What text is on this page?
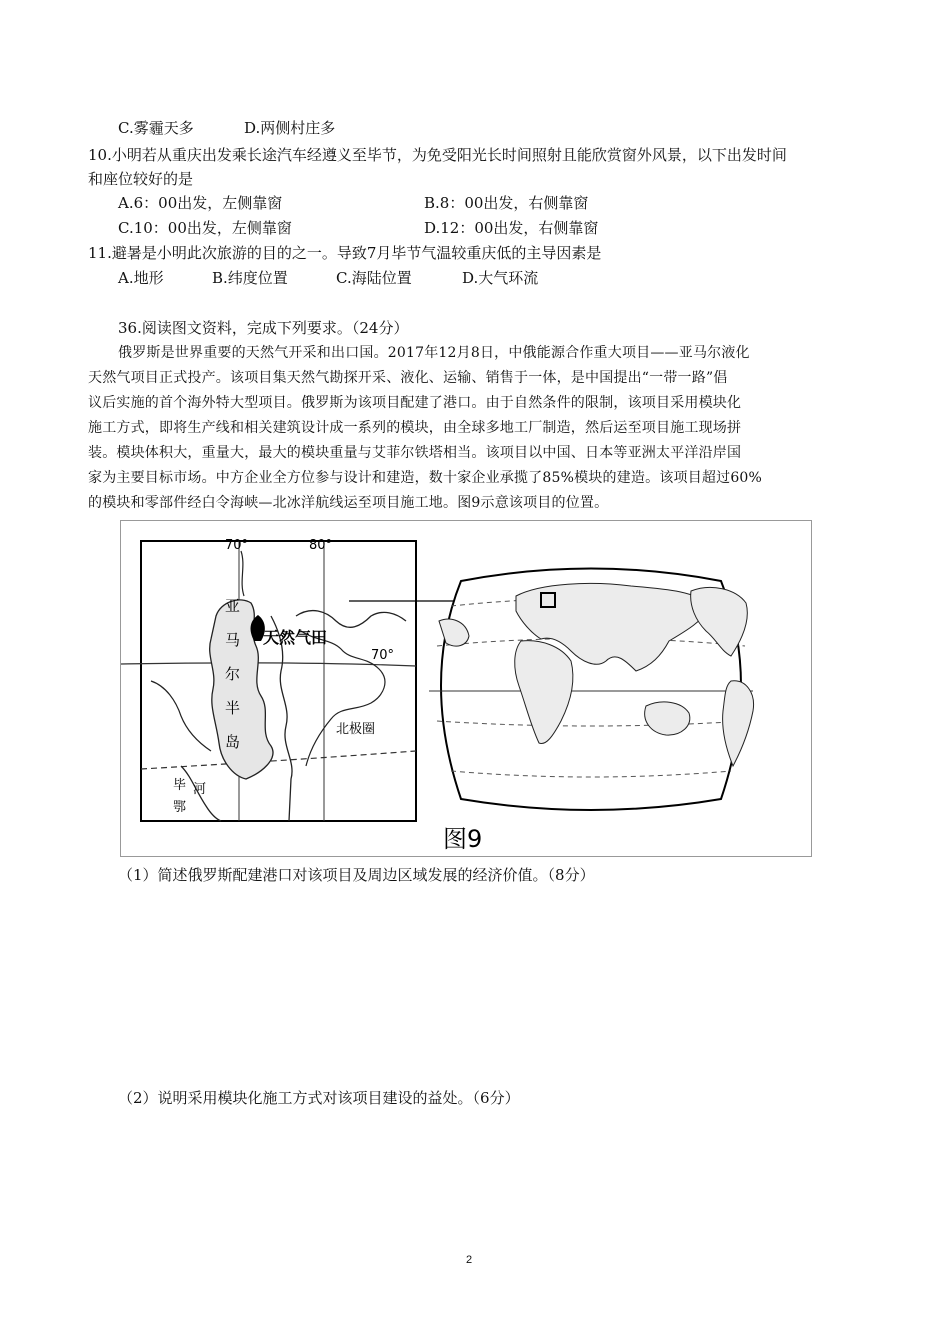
C.雾霾天多	D.两侧村庄多
10.小明若从重庆出发乘长途汽车经遵义至毕节，为免受阳光长时间照射且能欣赏窗外风景，以下出发时间
和座位较好的是
A.6：00出发，左侧靠窗	B.8：00出发，右侧靠窗
C.10：00出发，左侧靠窗	D.12：00出发，右侧靠窗
11.避暑是小明此次旅游的目的之一。导致7月毕节气温较重庆低的主导因素是
A.地形	B.纬度位置	C.海陆位置	D.大气环流
36.阅读图文资料，完成下列要求。（24分）
俄罗斯是世界重要的天然气开采和出口国。2017年12月8日，中俄能源合作重大项目——亚马尔液化
天然气项目正式投产。该项目集天然气勘探开采、液化、运输、销售于一体，是中国提出“一带一路”倡
议后实施的首个海外特大型项目。俄罗斯为该项目配建了港口。由于自然条件的限制，该项目采用模块化
施工方式，即将生产线和相关建筑设计成一系列的模块，由全球多地工厂制造，然后运至项目施工现场拼
装。模块体积大，重量大，最大的模块重量与艾菲尔铁塔相当。该项目以中国、日本等亚洲太平洋沿岸国
家为主要目标市场。中方企业全方位参与设计和建造，数十家企业承揽了85%模块的建造。该项目超过60%
的模块和零部件经白令海峡—北冰洋航线运至项目施工地。图9示意该项目的位置。
70°	80°
70°
亚
马
尔
半
岛
天然气田
北极圈
河
毕
鄂
图9
（1）简述俄罗斯配建港口对该项目及周边区域发展的经济价值。（8分）
（2）说明采用模块化施工方式对该项目建设的益处。（6分）
2
